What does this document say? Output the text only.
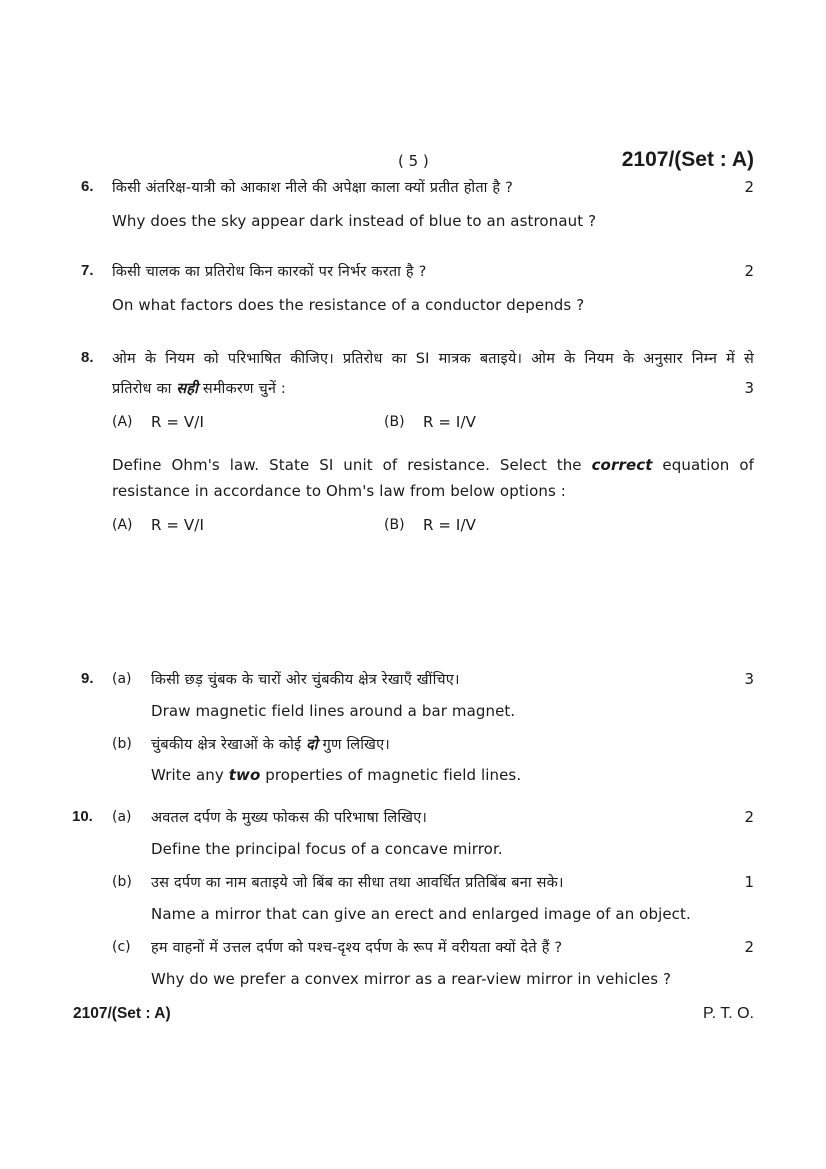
( 5 )	2107/(Set : A)
6. किसी अंतरिक्ष-यात्री को आकाश नीले की अपेक्षा काला क्यों प्रतीत होता है ?	2
Why does the sky appear dark instead of blue to an astronaut ?
7. किसी चालक का प्रतिरोध किन कारकों पर निर्भर करता है ?	2
On what factors does the resistance of a conductor depends ?
8. ओम के नियम को परिभाषित कीजिए। प्रतिरोध का SI मात्रक बताइये। ओम के नियम के अनुसार निम्न में से
प्रतिरोध का सही समीकरण चुनें :	3
(A) R = V/I	(B) R = I/V
Define Ohm's law. State SI unit of resistance. Select the correct equation of
resistance in accordance to Ohm's law from below options :
(A) R = V/I	(B) R = I/V
9. (a) किसी छड़ चुंबक के चारों ओर चुंबकीय क्षेत्र रेखाएँ खींचिए।	3
Draw magnetic field lines around a bar magnet.
(b) चुंबकीय क्षेत्र रेखाओं के कोई दो गुण लिखिए।
Write any two properties of magnetic field lines.
10. (a) अवतल दर्पण के मुख्य फोकस की परिभाषा लिखिए।	2
Define the principal focus of a concave mirror.
(b) उस दर्पण का नाम बताइये जो बिंब का सीधा तथा आवर्धित प्रतिबिंब बना सके।	1
Name a mirror that can give an erect and enlarged image of an object.
(c) हम वाहनों में उत्तल दर्पण को पश्च-दृश्य दर्पण के रूप में वरीयता क्यों देते हैं ?	2
Why do we prefer a convex mirror as a rear-view mirror in vehicles ?
2107/(Set : A)	P. T. O.
